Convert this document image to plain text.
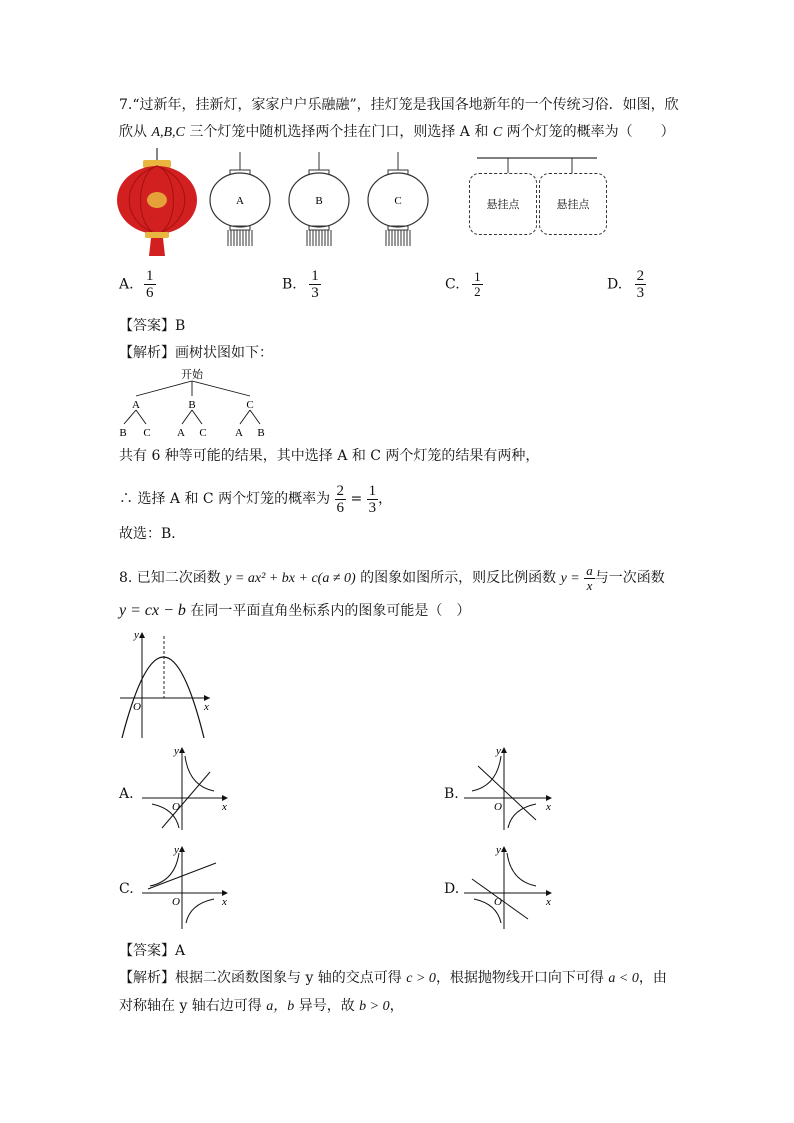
7.“过新年，挂新灯，家家户户乐融融”，挂灯笼是我国各地新年的一个传统习俗．如图，欣
欣从 A,B,C 三个灯笼中随机选择两个挂在门口，则选择 A 和 C 两个灯笼的概率为（　　）
A	B	C	悬挂点	悬挂点
A. $\frac{1}{6}$	B. $\frac{1}{3}$	C. $\frac{1}{2}$	D. $\frac{2}{3}$
【答案】B
【解析】画树状图如下：
开始
A	B	C
B C A C	A B
共有 6 种等可能的结果，其中选择 A 和 C 两个灯笼的结果有两种，
∴ 选择 A 和 C 两个灯笼的概率为 $\frac{2}{6} = \frac{1}{3}$ ，
故选：B．
8. 已知二次函数 y = ax² + bx + c(a ≠ 0) 的图象如图所示，则反比例函数 $y = \frac{a}{x}$ 与一次函数
y = cx − b 在同一平面直角坐标系内的图象可能是（　）
y
x
O
A.
y
x
O
B.
y
x
O
C.
y
x
O
D.
y
x
O
【答案】A
【解析】根据二次函数图象与 y 轴的交点可得 c > 0，根据抛物线开口向下可得 a < 0，由
对称轴在 y 轴右边可得 a，b 异号，故 b > 0，
